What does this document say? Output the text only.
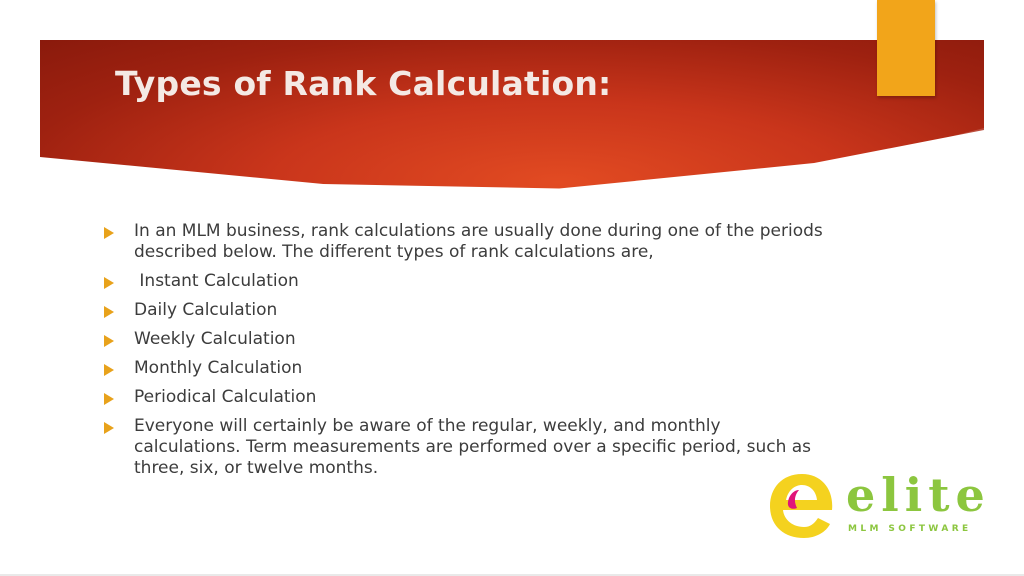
Types of Rank Calculation:
In an MLM business, rank calculations are usually done during one of the periods described below. The different types of rank calculations are,
Instant Calculation
Daily Calculation
Weekly Calculation
Monthly Calculation
Periodical Calculation
Everyone will certainly be aware of the regular, weekly, and monthly calculations. Term measurements are performed over a specific period, such as three, six, or twelve months.	elite
MLM SOFTWARE
